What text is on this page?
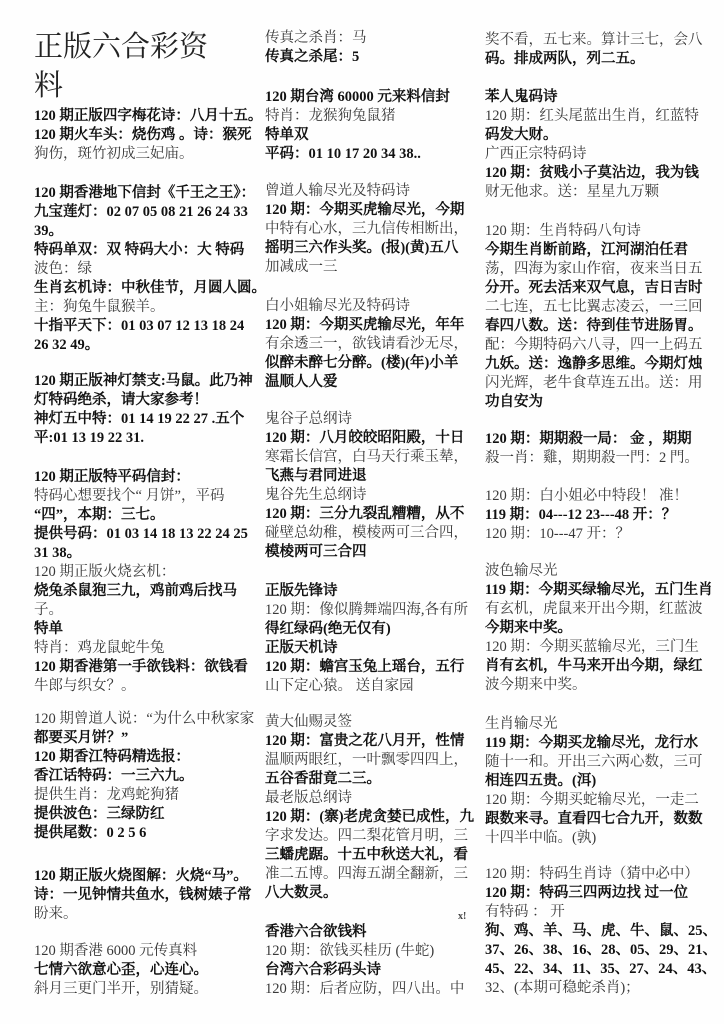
正版六合彩资
料
120 期正版四字梅花诗：八月十五。
120 期火车头：烧伤鸡 。诗：猴死
狗伤，斑竹初成三妃庙。
120 期香港地下信封《千王之王》：
九宝莲灯：02 07 05 08 21 26 24 33
39。
特码单双：双 特码大小：大 特码
波色：绿
生肖玄机诗：中秋佳节，月圆人圆。
主：狗兔牛鼠猴羊。
十指平天下：01 03 07 12 13 18 24
26 32 49。
120 期正版神灯禁支:马鼠。此乃神
灯特码绝杀，请大家参考！
神灯五中特：01 14 19 22 27 .五个
平:01 13 19 22 31.
120 期正版特平码信封：
特码心想要找个“ 月饼”，平码
“四”，本期：三七。
提供号码：01 03 14 18 13 22 24 25
31 38。
120 期正版火烧玄机：
烧兔杀鼠狍三九，鸡前鸡后找马
子。
特单
特肖：鸡龙鼠蛇牛兔
120 期香港第一手欲钱料：欲钱看
牛郎与织女？。
120 期曾道人说：“为什么中秋家家
都要买月饼？”
120 期香江特码精选报：
香江话特码：一三六九。
提供生肖：龙鸡蛇狗猪
提供波色：三绿防红
提供尾数：0 2 5 6
120 期正版火烧图解：火烧“马”。
诗：一见钟情共鱼水，钱树婊子常
盼来。
120 期香港 6000 元传真料
七情六欲意心歪，心连心。
斜月三更门半开，别猜疑。
传真之杀肖：马
传真之杀尾：5
120 期台湾 60000 元来料信封
特肖：龙猴狗兔鼠猪
特单双
平码：01 10 17 20 34 38..
曾道人输尽光及特码诗
120 期：今期买虎输尽光，今期
中特有心水，三九信传相断出，
摇明三六作头奖。(报)(黄)五八
加减成一三
白小姐输尽光及特码诗
120 期：今期买虎输尽光，年年
有余透三一，欲钱请看沙无尽，
似醉未醉七分醉。(楼)(年)小羊
温顺人人爱
鬼谷子总纲诗
120 期：八月皎皎昭阳殿，十日
寒霜长信宫，白马天行乘玉辇，
飞燕与君同进退
鬼谷先生总纲诗
120 期：三分九裂乱糟糟，从不
碰壁总幼稚，模棱两可三合四，
模棱两可三合四
正版先锋诗
120 期：像似腾舞端四海,各有所
得红绿码(绝无仅有)
正版天机诗
120 期：蟾宫玉兔上瑶台，五行
山下定心猿。 送自家园
黄大仙赐灵签
120 期：富贵之花八月开，性情
温顺两眼红，一叶飘零四四上，
五谷香甜竟二三。
最老版总纲诗
120 期：(寨)老虎贪婪已成性，九
字求发达。四二梨花管月明，三
三蟠虎踞。十五中秋送大礼，看
准二五博。四海五湖全翻新，三
八大数灵。
x!
香港六合欲钱料
120 期：欲钱买桂历 (牛蛇)
台湾六合彩码头诗
120 期：后者应防，四八出。中
奖不看，五七来。算计三七，会八
码。排成两队，列二五。
苯人鬼码诗
120 期：红头尾蓝出生肖，红蓝特
码发大财。
广西正宗特码诗
120 期：贫贱小子莫沾边，我为钱
财无他求。送：星星九万颗
120 期：生肖特码八句诗
今期生肖断前路，江河湖泊任君
荡，四海为家山作宿，夜来当日五
分开。死去活来双气息，吉日吉时
二七连，五七比翼志凌云，一三回
春四八数。送：待到佳节进肠胃。
配：今期特码六八寻，四一上码五
九妖。送：逸静多思维。今期灯烛
闪光辉，老牛食草连五出。送：用
功自安为
120 期：期期殺一局： 金 ，期期
殺一肖：雞，期期殺一門：2 門。
120 期：白小姐必中特段！ 准！
119 期：04---12 23---48 开：？
120 期：10---47 开：？
波色输尽光
119 期：今期买绿输尽光，五门生肖
有玄机，虎鼠来开出今期，红蓝波
今期来中奖。
120 期：今期买蓝输尽光，三门生
肖有玄机，牛马来开出今期，绿红
波今期来中奖。
生肖输尽光
119 期：今期买龙输尽光，龙行水
随十一和。开出三六两心数，三可
相连四五贵。(洱)
120 期：今期买蛇输尽光，一走二
跟数来寻。直看四七合九开，数数
十四半中临。(孰)
120 期：特码生肖诗（猜中必中）
120 期：特码三四两边找 过一位
有特码 ： 开
狗、鸡、羊、马、虎、牛、鼠、25、
37、26、38、16、28、05、29、21、
45、22、34、11、35、27、24、43、
32、(本期可稳蛇杀肖)；
